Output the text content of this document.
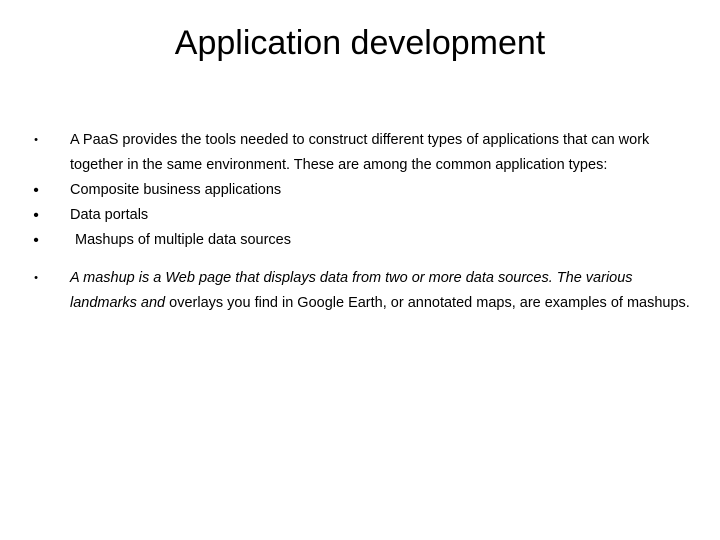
Application development
• A PaaS provides the tools needed to construct different types of applications that can work together in the same environment. These are among the common application types:
• Composite business applications
• Data portals
• Mashups of multiple data sources
• A mashup is a Web page that displays data from two or more data sources. The various landmarks and overlays you find in Google Earth, or annotated maps, are examples of mashups.
